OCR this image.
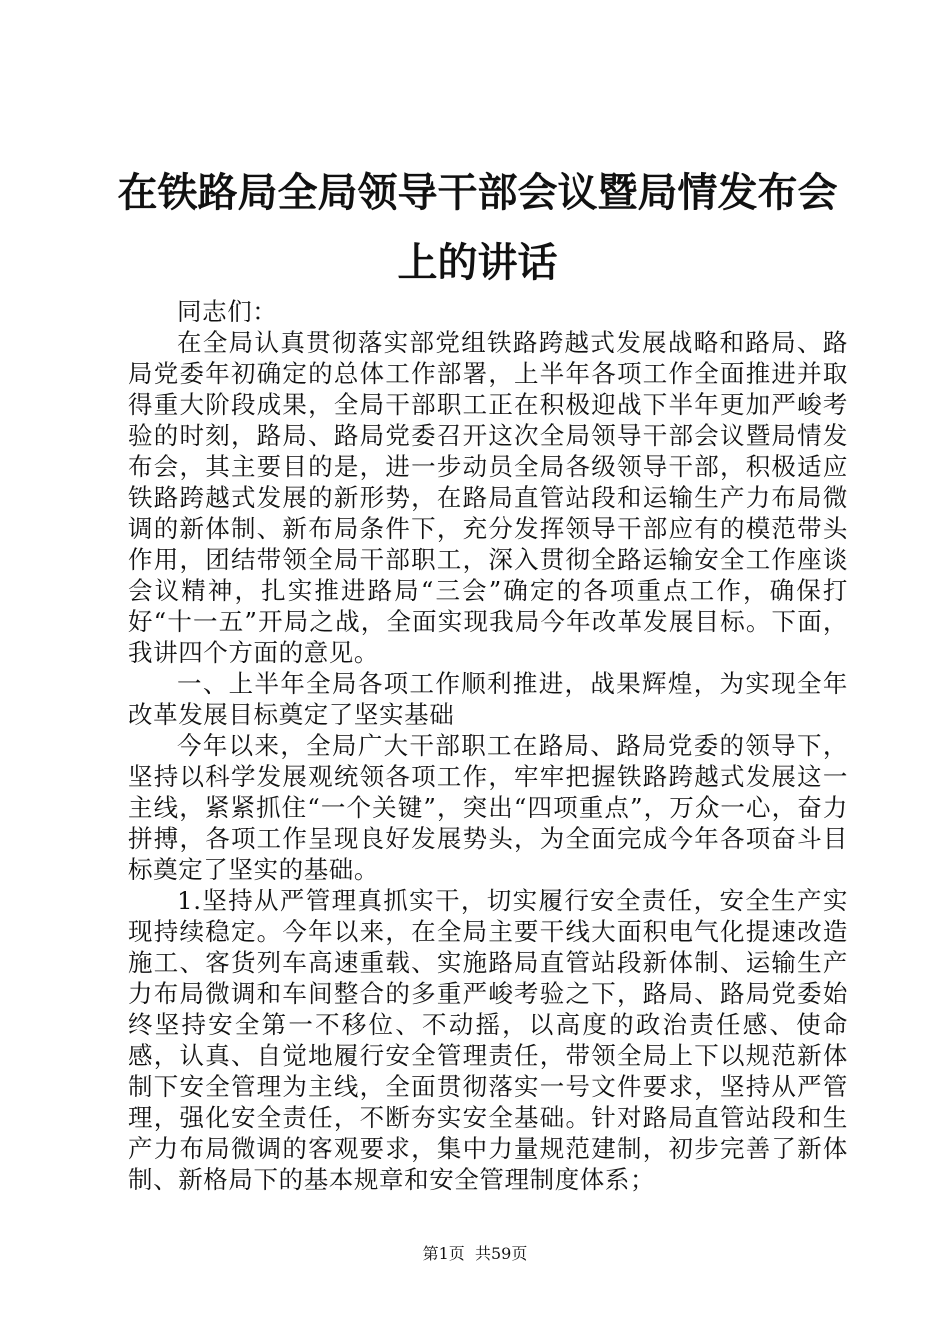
在铁路局全局领导干部会议暨局情发布会上的讲话

同志们：

在全局认真贯彻落实部党组铁路跨越式发展战略和路局、路局党委年初确定的总体工作部署，上半年各项工作全面推进并取得重大阶段成果，全局干部职工正在积极迎战下半年更加严峻考验的时刻，路局、路局党委召开这次全局领导干部会议暨局情发布会，其主要目的是，进一步动员全局各级领导干部，积极适应铁路跨越式发展的新形势，在路局直管站段和运输生产力布局微调的新体制、新布局条件下，充分发挥领导干部应有的模范带头作用，团结带领全局干部职工，深入贯彻全路运输安全工作座谈会议精神，扎实推进路局“三会”确定的各项重点工作，确保打好“十一五”开局之战，全面实现我局今年改革发展目标。下面，我讲四个方面的意见。

一、上半年全局各项工作顺利推进，战果辉煌，为实现全年改革发展目标奠定了坚实基础

今年以来，全局广大干部职工在路局、路局党委的领导下，坚持以科学发展观统领各项工作，牢牢把握铁路跨越式发展这一主线，紧紧抓住“一个关键”，突出“四项重点”，万众一心，奋力拼搏，各项工作呈现良好发展势头，为全面完成今年各项奋斗目标奠定了坚实的基础。

1.坚持从严管理真抓实干，切实履行安全责任，安全生产实现持续稳定。今年以来，在全局主要干线大面积电气化提速改造施工、客货列车高速重载、实施路局直管站段新体制、运输生产力布局微调和车间整合的多重严峻考验之下，路局、路局党委始终坚持安全第一不移位、不动摇，以高度的政治责任感、使命感，认真、自觉地履行安全管理责任，带领全局上下以规范新体制下安全管理为主线，全面贯彻落实一号文件要求，坚持从严管理，强化安全责任，不断夯实安全基础。针对路局直管站段和生产力布局微调的客观要求，集中力量规范建制，初步完善了新体制、新格局下的基本规章和安全管理制度体系；

第1页 共59页
